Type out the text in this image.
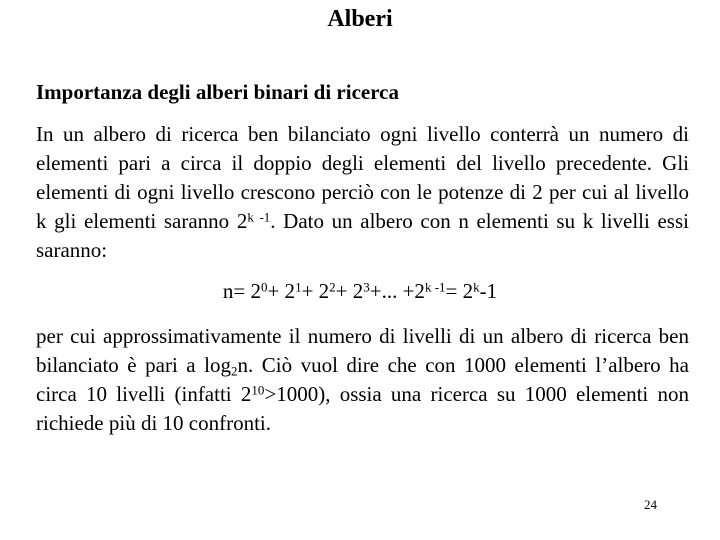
Alberi
Importanza degli alberi binari di ricerca
In un albero di ricerca ben bilanciato ogni livello conterrà un numero di elementi pari a circa il doppio degli elementi del livello precedente. Gli elementi di ogni livello crescono perciò con le potenze di 2 per cui al livello k gli elementi saranno 2$^{k -1}$. Dato un albero con n elementi su k livelli essi saranno:
$n= 2^0+ 2^1+ 2^2+ 2^3+$... $+2^{k -1}= 2^k-1$
per cui approssimativamente il numero di livelli di un albero di ricerca ben bilanciato è pari a $\log_2n$. Ciò vuol dire che con 1000 elementi l’albero ha circa 10 livelli (infatti $2^{10}>1000$), ossia una ricerca su 1000 elementi non richiede più di 10 confronti.
24
